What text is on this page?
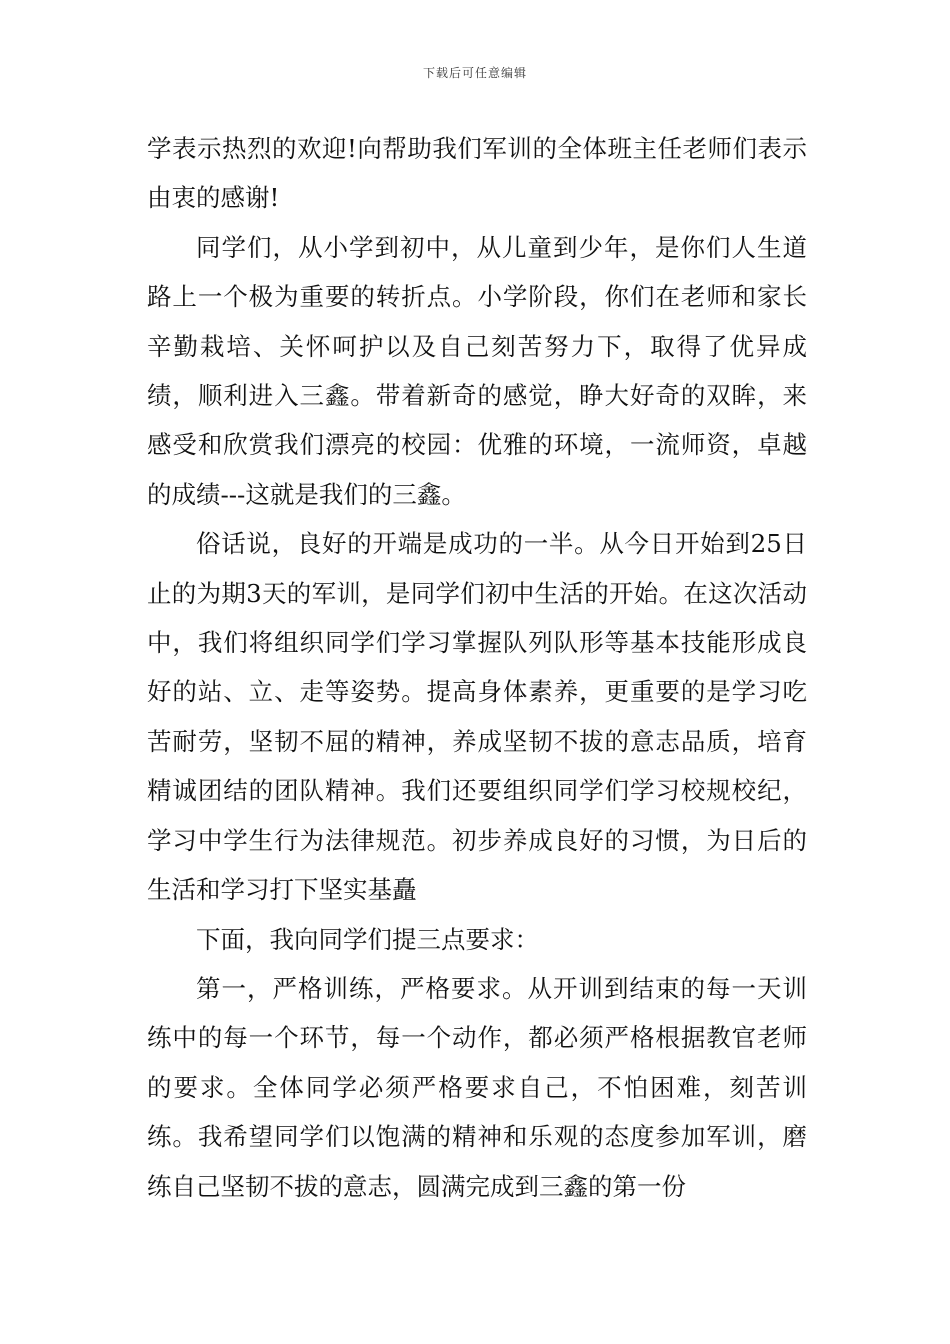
下载后可任意编辑

学表示热烈的欢迎!向帮助我们军训的全体班主任老师们表示由衷的感谢!

同学们，从小学到初中，从儿童到少年，是你们人生道路上一个极为重要的转折点。小学阶段，你们在老师和家长辛勤栽培、关怀呵护以及自己刻苦努力下，取得了优异成绩，顺利进入三鑫。带着新奇的感觉，睁大好奇的双眸，来感受和欣赏我们漂亮的校园：优雅的环境，一流师资，卓越的成绩---这就是我们的三鑫。

俗话说，良好的开端是成功的一半。从今日开始到25日止的为期3天的军训，是同学们初中生活的开始。在这次活动中，我们将组织同学们学习掌握队列队形等基本技能形成良好的站、立、走等姿势。提高身体素养，更重要的是学习吃苦耐劳，坚韧不屈的精神，养成坚韧不拔的意志品质，培育精诚团结的团队精神。我们还要组织同学们学习校规校纪，学习中学生行为法律规范。初步养成良好的习惯，为日后的生活和学习打下坚实基矗

下面，我向同学们提三点要求：

第一，严格训练，严格要求。从开训到结束的每一天训练中的每一个环节，每一个动作，都必须严格根据教官老师的要求。全体同学必须严格要求自己，不怕困难，刻苦训练。我希望同学们以饱满的精神和乐观的态度参加军训，磨练自己坚韧不拔的意志，圆满完成到三鑫的第一份
